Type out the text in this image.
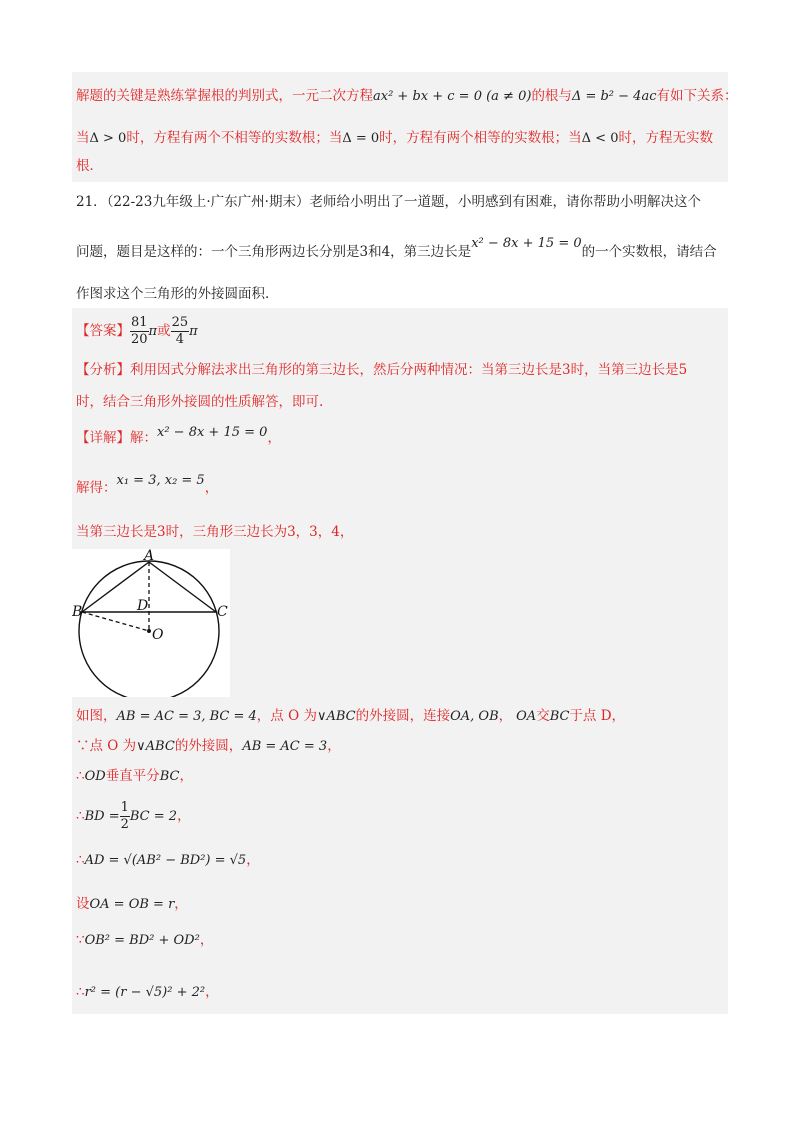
解题的关键是熟练掌握根的判别式，一元二次方程ax² + bx + c = 0 (a ≠ 0)的根与Δ = b² − 4ac有如下关系：
当Δ > 0时，方程有两个不相等的实数根；当Δ = 0时，方程有两个相等的实数根；当Δ < 0时，方程无实数
根．
21．（22-23九年级上·广东广州·期末）老师给小明出了一道题，小明感到有困难，请你帮助小明解决这个
问题，题目是这样的：一个三角形两边长分别是3和4，第三边长是x² − 8x + 15 = 0的一个实数根，请结合
作图求这个三角形的外接圆面积．
【答案】 $\frac{81}{20}$ π或 $\frac{25}{4}$ π
【分析】利用因式分解法求出三角形的第三边长，然后分两种情况：当第三边长是3时，当第三边长是5
时，结合三角形外接圆的性质解答，即可.
【详解】解：x² − 8x + 15 = 0，
解得：x₁ = 3, x₂ = 5，
当第三边长是3时，三角形三边长为3，3，4，
A
B	C
D
O
如图，AB = AC = 3, BC = 4，点 O 为∨ABC的外接圆，连接OA, OB， OA交BC于点 D，
∵点 O 为∨ABC的外接圆，AB = AC = 3，
∴OD垂直平分BC，
∴BD = $\frac{1}{2}$ BC = 2，
∴AD = √(AB² − BD²) = √5，
设OA = OB = r，
∵OB² = BD² + OD²，
∴r² = (r − √5)² + 2²，
